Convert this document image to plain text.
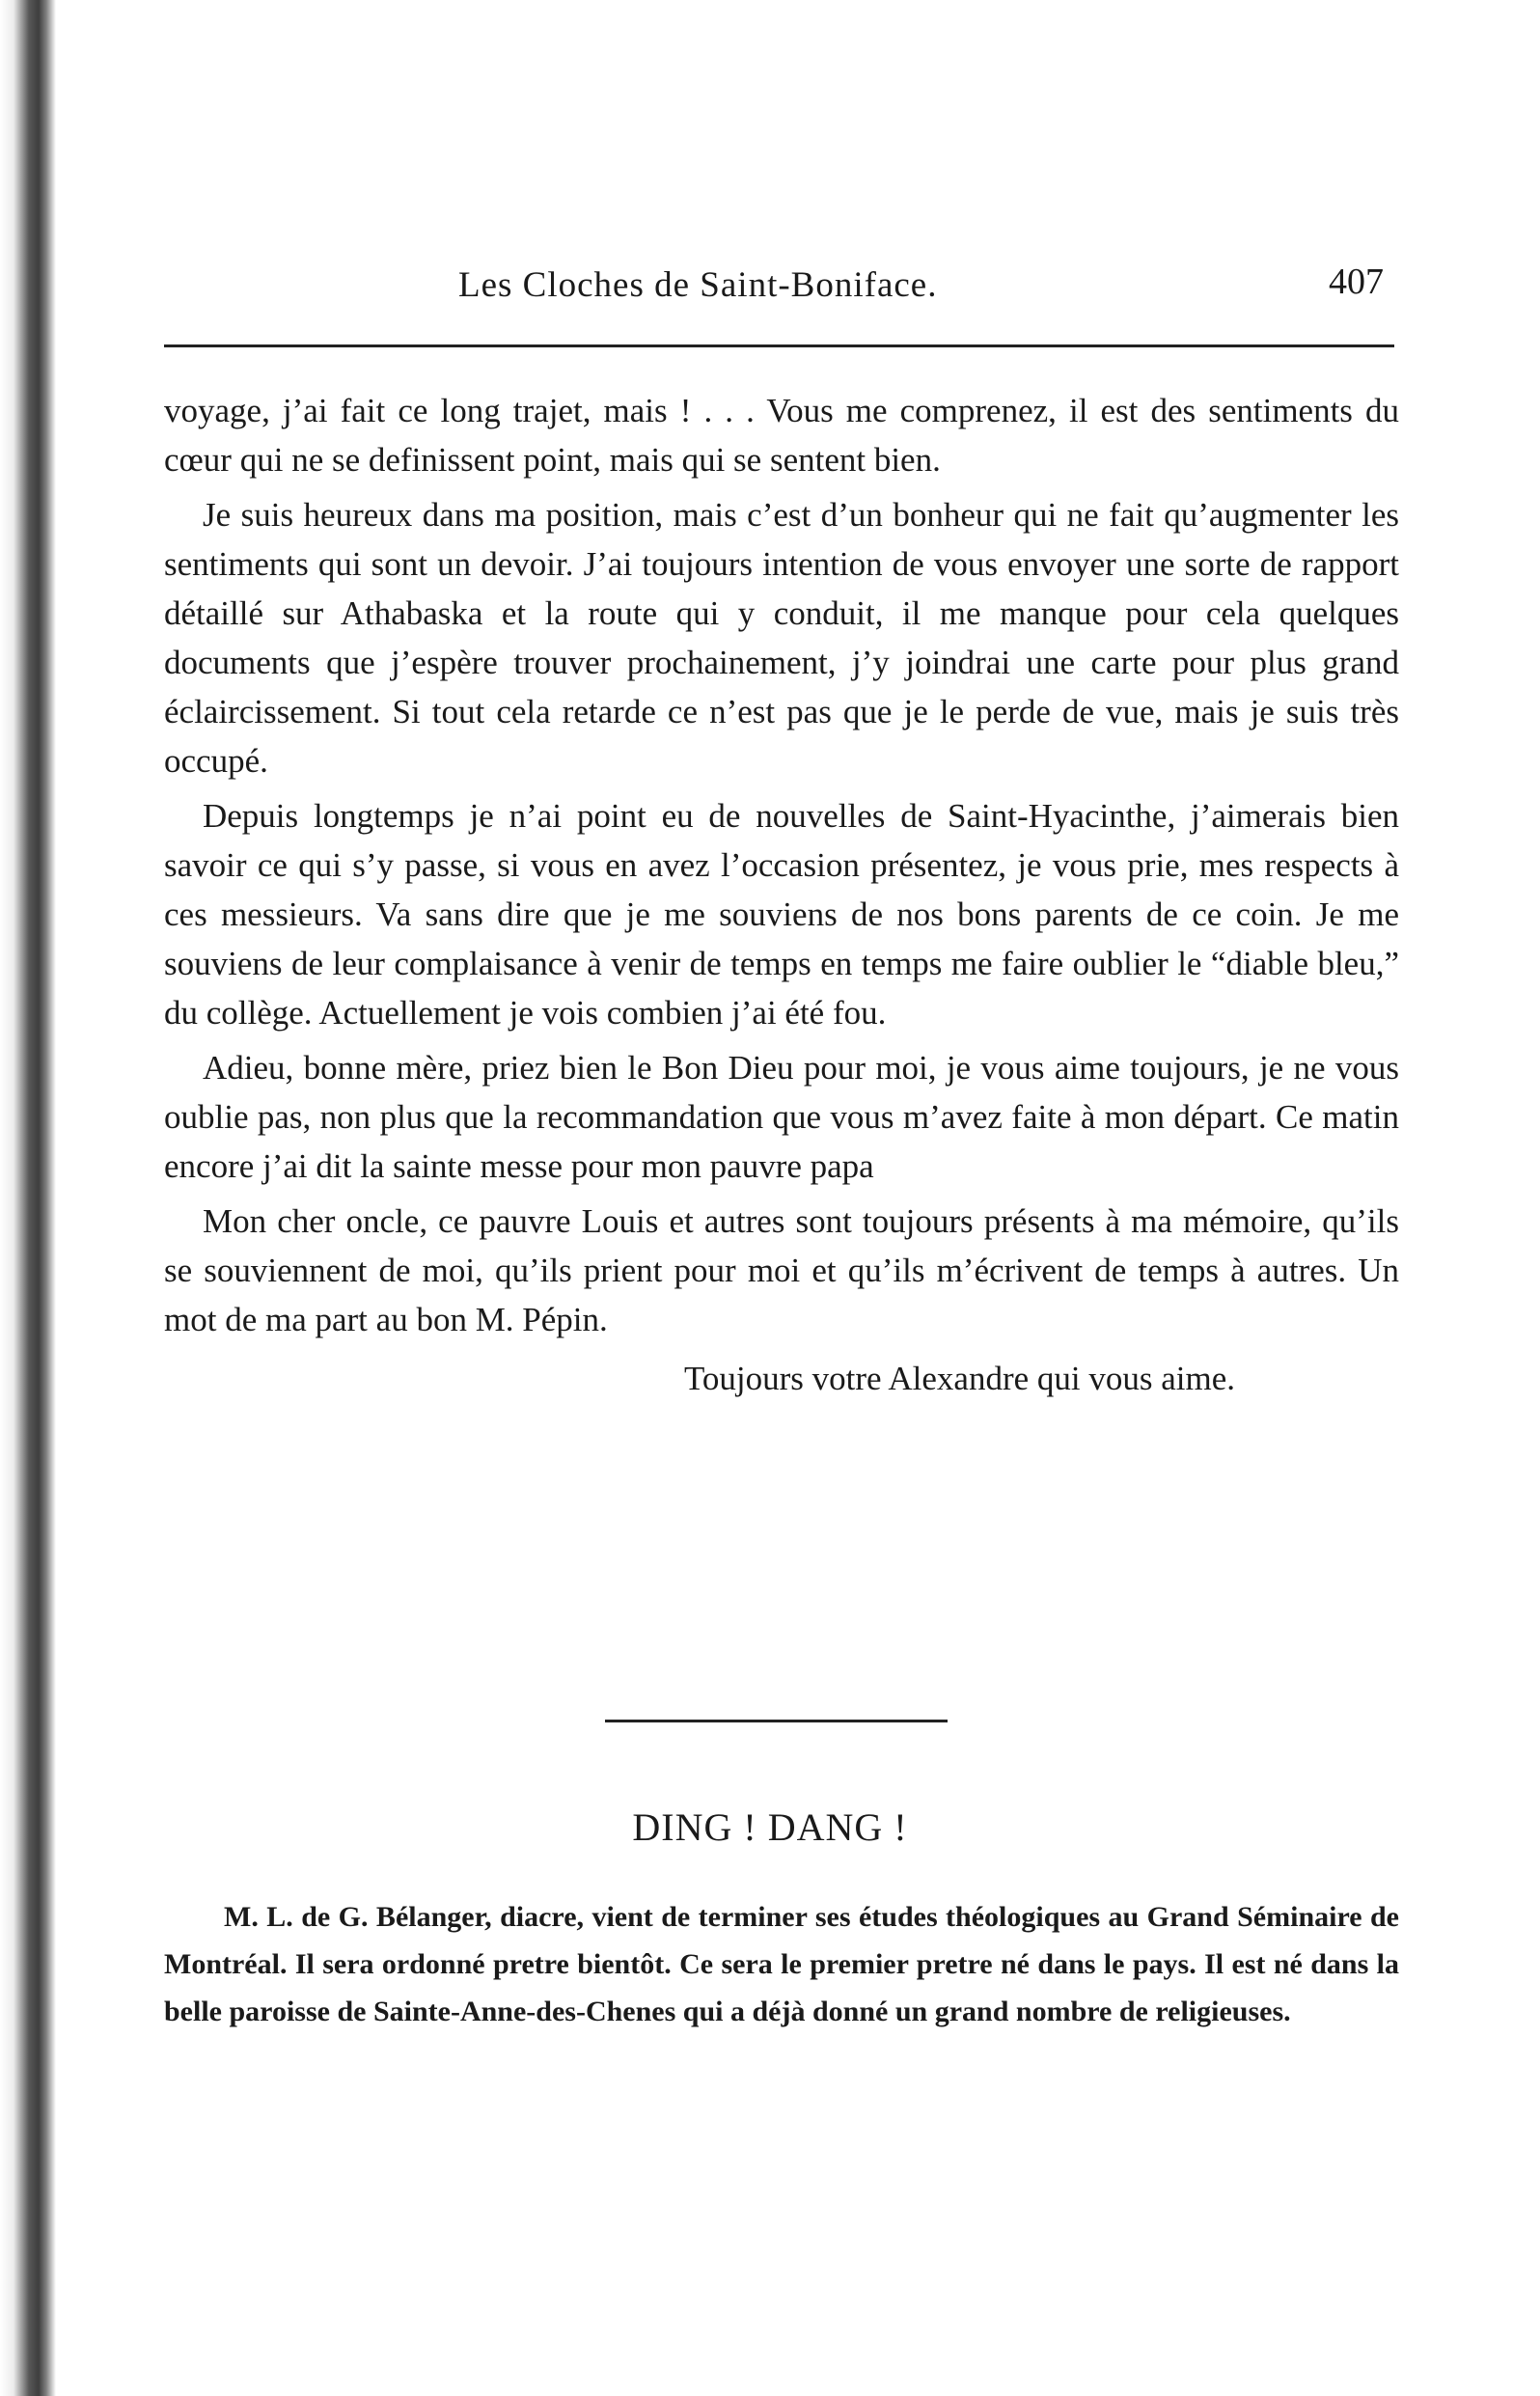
Les Cloches de Saint-Boniface.	407

voyage, j’ai fait ce long trajet, mais ! . . . Vous me comprenez, il est des sentiments du cœur qui ne se definissent point, mais qui se sentent bien.

Je suis heureux dans ma position, mais c’est d’un bonheur qui ne fait qu’augmenter les sentiments qui sont un devoir. J’ai toujours intention de vous envoyer une sorte de rapport détaillé sur Athabaska et la route qui y conduit, il me manque pour cela quelques documents que j’espère trouver prochainement, j’y joindrai une carte pour plus grand éclaircissement. Si tout cela retarde ce n’est pas que je le perde de vue, mais je suis très occupé.

Depuis longtemps je n’ai point eu de nouvelles de Saint-Hyacinthe, j’aimerais bien savoir ce qui s’y passe, si vous en avez l’occasion présentez, je vous prie, mes respects à ces messieurs. Va sans dire que je me souviens de nos bons parents de ce coin. Je me souviens de leur complaisance à venir de temps en temps me faire oublier le “diable bleu,” du collège. Actuellement je vois combien j’ai été fou.

Adieu, bonne mère, priez bien le Bon Dieu pour moi, je vous aime toujours, je ne vous oublie pas, non plus que la recommandation que vous m’avez faite à mon départ. Ce matin encore j’ai dit la sainte messe pour mon pauvre papa

Mon cher oncle, ce pauvre Louis et autres sont toujours présents à ma mémoire, qu’ils se souviennent de moi, qu’ils prient pour moi et qu’ils m’écrivent de temps à autres. Un mot de ma part au bon M. Pépin.

Toujours votre Alexandre qui vous aime.

DING ! DANG !

M. L. de G. Bélanger, diacre, vient de terminer ses études théologiques au Grand Séminaire de Montréal. Il sera ordonné pretre bientôt. Ce sera le premier pretre né dans le pays. Il est né dans la belle paroisse de Sainte-Anne-des-Chenes qui a déjà donné un grand nombre de religieuses.
